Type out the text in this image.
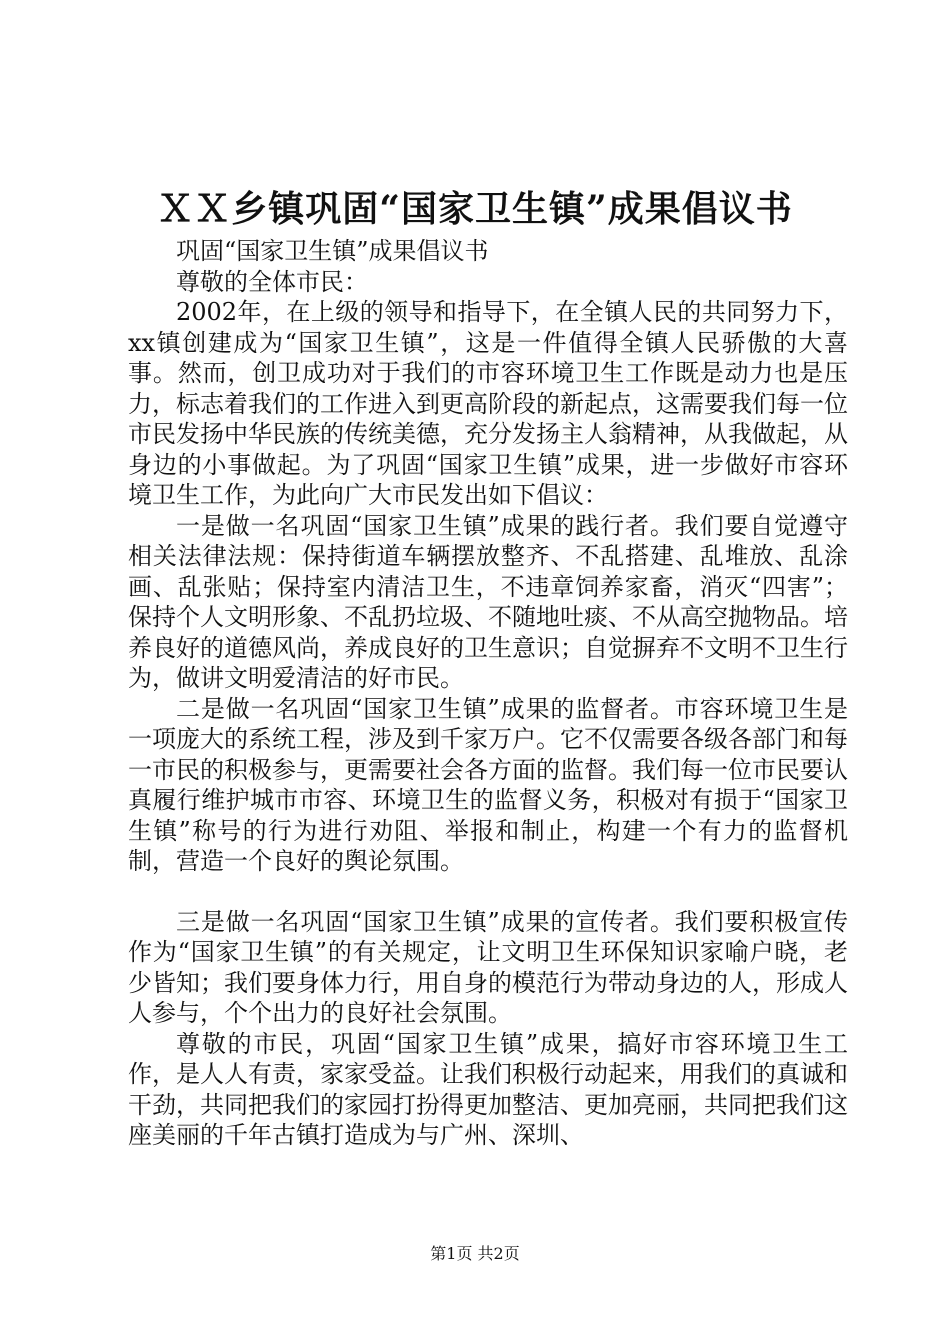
ＸＸ乡镇巩固“国家卫生镇”成果倡议书

巩固“国家卫生镇”成果倡议书

尊敬的全体市民：

2002年，在上级的领导和指导下，在全镇人民的共同努力下，xx镇创建成为“国家卫生镇”，这是一件值得全镇人民骄傲的大喜事。然而，创卫成功对于我们的市容环境卫生工作既是动力也是压力，标志着我们的工作进入到更高阶段的新起点，这需要我们每一位市民发扬中华民族的传统美德，充分发扬主人翁精神，从我做起，从身边的小事做起。为了巩固“国家卫生镇”成果，进一步做好市容环境卫生工作，为此向广大市民发出如下倡议：

一是做一名巩固“国家卫生镇”成果的践行者。我们要自觉遵守相关法律法规：保持街道车辆摆放整齐、不乱搭建、乱堆放、乱涂画、乱张贴；保持室内清洁卫生，不违章饲养家畜，消灭“四害”；保持个人文明形象、不乱扔垃圾、不随地吐痰、不从高空抛物品。培养良好的道德风尚，养成良好的卫生意识；自觉摒弃不文明不卫生行为，做讲文明爱清洁的好市民。

二是做一名巩固“国家卫生镇”成果的监督者。市容环境卫生是一项庞大的系统工程，涉及到千家万户。它不仅需要各级各部门和每一市民的积极参与，更需要社会各方面的监督。我们每一位市民要认真履行维护城市市容、环境卫生的监督义务，积极对有损于“国家卫生镇”称号的行为进行劝阻、举报和制止，构建一个有力的监督机制，营造一个良好的舆论氛围。

三是做一名巩固“国家卫生镇”成果的宣传者。我们要积极宣传作为“国家卫生镇”的有关规定，让文明卫生环保知识家喻户晓，老少皆知；我们要身体力行，用自身的模范行为带动身边的人，形成人人参与，个个出力的良好社会氛围。

尊敬的市民，巩固“国家卫生镇”成果，搞好市容环境卫生工作，是人人有责，家家受益。让我们积极行动起来，用我们的真诚和干劲，共同把我们的家园打扮得更加整洁、更加亮丽，共同把我们这座美丽的千年古镇打造成为与广州、深圳、

第1页 共2页
